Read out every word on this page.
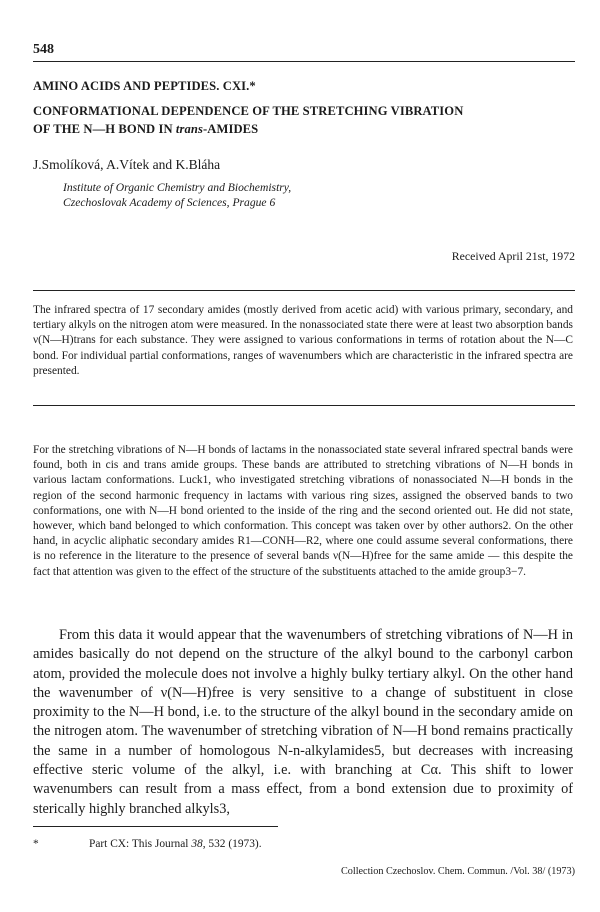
548
AMINO ACIDS AND PEPTIDES. CXI.*
CONFORMATIONAL DEPENDENCE OF THE STRETCHING VIBRATION
OF THE N—H BOND IN trans-AMIDES
J.Smolíková, A.Vítek and K.Bláha
Institute of Organic Chemistry and Biochemistry,
Czechoslovak Academy of Sciences, Prague 6
Received April 21st, 1972
The infrared spectra of 17 secondary amides (mostly derived from acetic acid) with various primary, secondary, and tertiary alkyls on the nitrogen atom were measured. In the nonassociated state there were at least two absorption bands ν(N—H)trans for each substance. They were assigned to various conformations in terms of rotation about the N—C bond. For individual partial conformations, ranges of wavenumbers which are characteristic in the infrared spectra are presented.
For the stretching vibrations of N—H bonds of lactams in the nonassociated state several infrared spectral bands were found, both in cis and trans amide groups. These bands are attributed to stretching vibrations of N—H bonds in various lactam conformations. Luck1, who investigated stretching vibrations of nonassociated N—H bonds in the region of the second harmonic frequency in lactams with various ring sizes, assigned the observed bands to two conformations, one with N—H bond oriented to the inside of the ring and the second oriented out. He did not state, however, which band belonged to which conformation. This concept was taken over by other authors2. On the other hand, in acyclic aliphatic secondary amides R1—CONH—R2, where one could assume several conformations, there is no reference in the literature to the presence of several bands ν(N—H)free for the same amide — this despite the fact that attention was given to the effect of the structure of the substituents attached to the amide group3−7.
From this data it would appear that the wavenumbers of stretching vibrations of N—H in amides basically do not depend on the structure of the alkyl bound to the carbonyl carbon atom, provided the molecule does not involve a highly bulky tertiary alkyl. On the other hand the wavenumber of ν(N—H)free is very sensitive to a change of substituent in close proximity to the N—H bond, i.e. to the structure of the alkyl bound in the secondary amide on the nitrogen atom. The wavenumber of stretching vibration of N—H bond remains practically the same in a number of homologous N-n-alkylamides5, but decreases with increasing effective steric volume of the alkyl, i.e. with branching at Cα. This shift to lower wavenumbers can result from a mass effect, from a bond extension due to proximity of sterically highly branched alkyls3,
*	Part CX: This Journal 38, 532 (1973).
Collection Czechoslov. Chem. Commun. /Vol. 38/ (1973)
